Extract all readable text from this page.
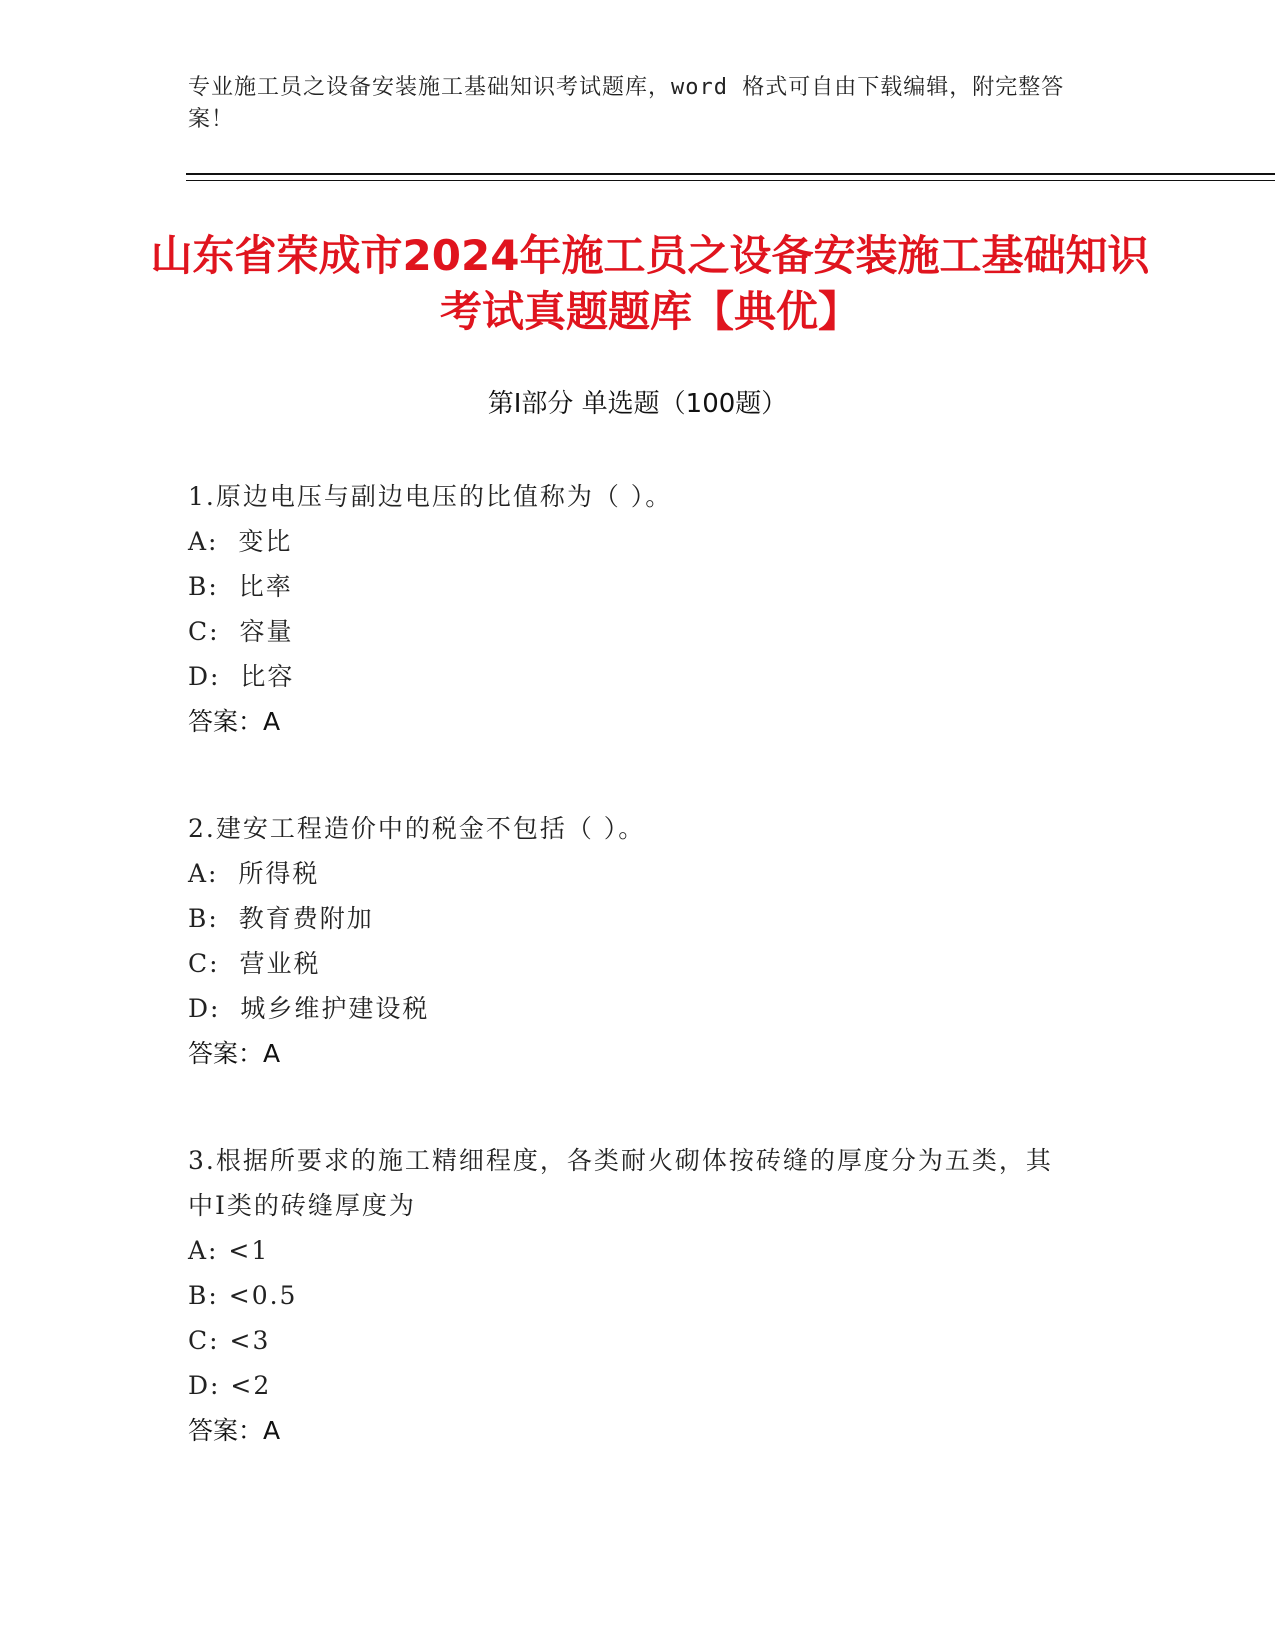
专业施工员之设备安装施工基础知识考试题库，word 格式可自由下载编辑，附完整答案！
山东省荣成市2024年施工员之设备安装施工基础知识考试真题题库【典优】
第Ⅰ部分 单选题（100题）
1.原边电压与副边电压的比值称为（ ）。
A:  变比
B:  比率
C:  容量
D:  比容
答案：A
2.建安工程造价中的税金不包括（ ）。
A:  所得税
B:  教育费附加
C:  营业税
D:  城乡维护建设税
答案：A
3.根据所要求的施工精细程度，各类耐火砌体按砖缝的厚度分为五类，其中Ⅰ类的砖缝厚度为
A: <1
B: <0.5
C: <3
D: <2
答案：A
